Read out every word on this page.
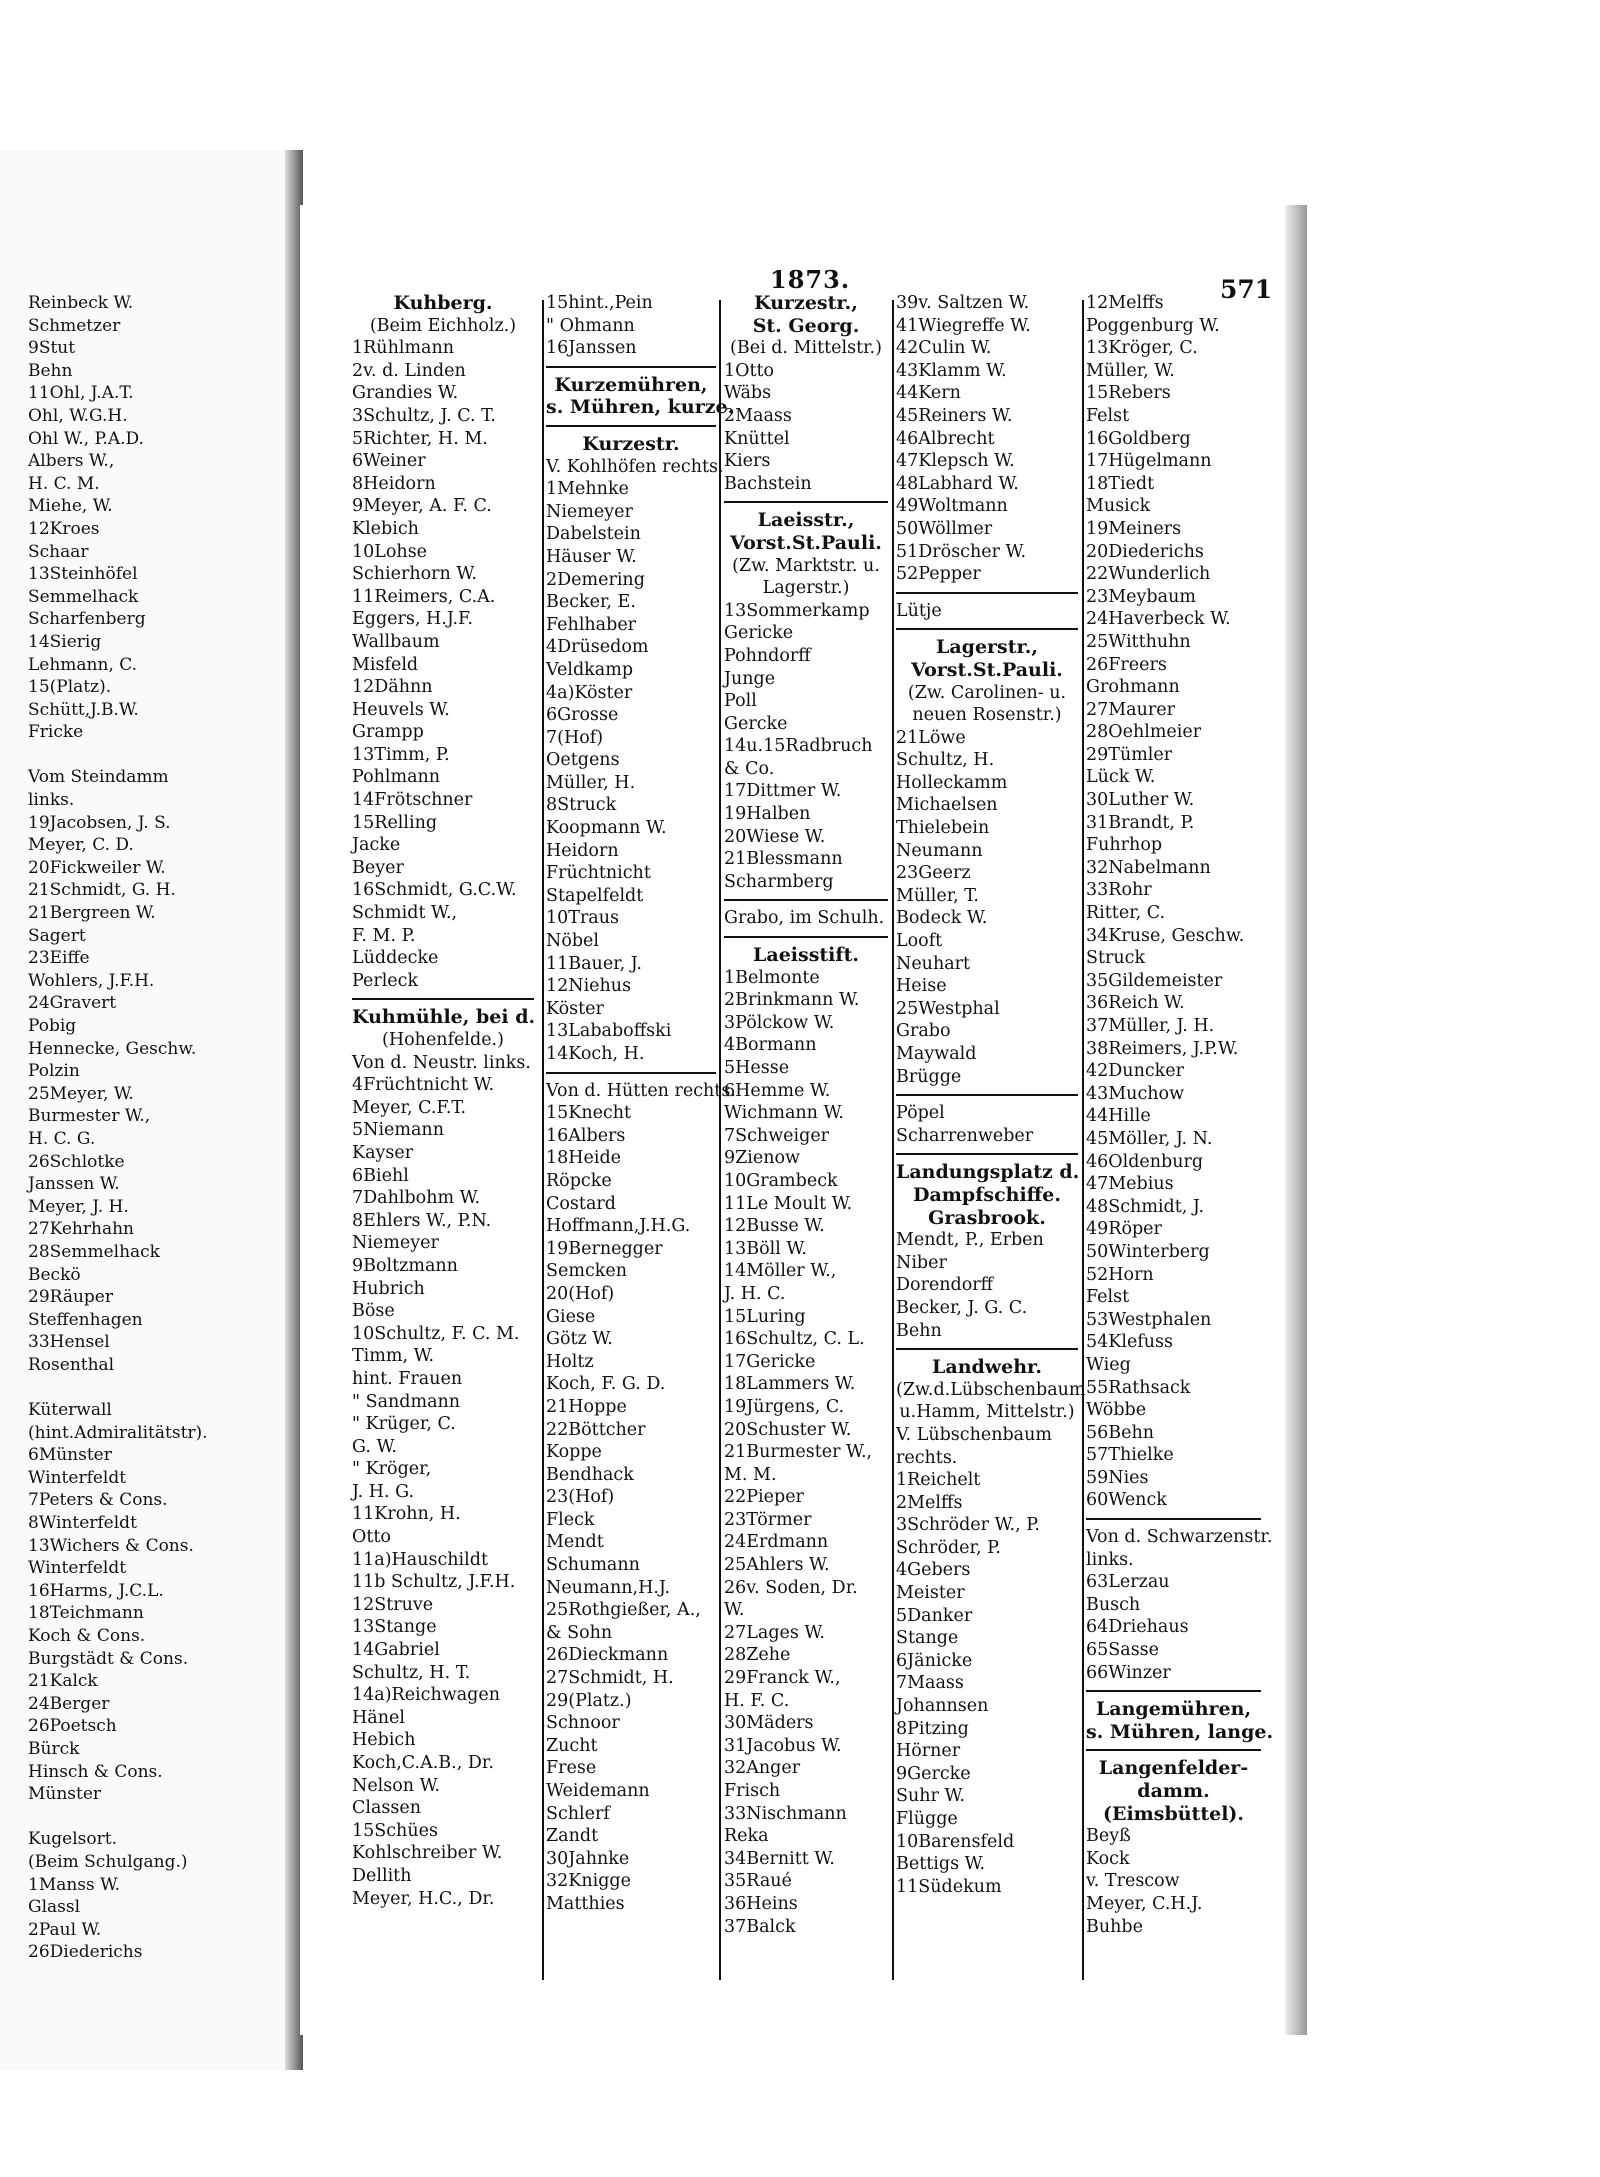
1873.	571
Reinbeck W.
Schmetzer
9Stut
Behn
11Ohl, J.A.T.
Ohl, W.G.H.
Ohl W., P.A.D.
Albers W.,
H. C. M.
Miehe, W.
12Kroes
Schaar
13Steinhöfel
Semmelhack
Scharfenberg
14Sierig
Lehmann, C.
15(Platz).
Schütt,J.B.W.
Fricke

Vom Steindamm
links.
19Jacobsen, J. S.
Meyer, C. D.
20Fickweiler W.
21Schmidt, G. H.
21Bergreen W.
Sagert
23Eiffe
Wohlers, J.F.H.
24Gravert
Pobig
Hennecke, Geschw.
Polzin
25Meyer, W.
Burmester W.,
H. C. G.
26Schlotke
Janssen W.
Meyer, J. H.
27Kehrhahn
28Semmelhack
Beckö
29Räuper
Steffenhagen
33Hensel
Rosenthal

Küterwall
(hint.Admiralitätstr).
6Münster
Winterfeldt
7Peters & Cons.
8Winterfeldt
13Wichers & Cons.
Winterfeldt
16Harms, J.C.L.
18Teichmann
Koch & Cons.
Burgstädt & Cons.
21Kalck
24Berger
26Poetsch
Bürck
Hinsch & Cons.
Münster

Kugelsort.
(Beim Schulgang.)
1Manss W.
Glassl
2Paul W.
26Diederichs
Kuhberg.
(Beim Eichholz.)
1Rühlmann
2v. d. Linden
Grandies W.
3Schultz, J. C. T.
5Richter, H. M.
6Weiner
8Heidorn
9Meyer, A. F. C.
Klebich
10Lohse
Schierhorn W.
11Reimers, C.A.
Eggers, H.J.F.
Wallbaum
Misfeld
12Dähnn
Heuvels W.
Grampp
13Timm, P.
Pohlmann
14Frötschner
15Relling
Jacke
Beyer
16Schmidt, G.C.W.
Schmidt W.,
F. M. P.
Lüddecke
Perleck
Kuhmühle, bei d.
(Hohenfelde.)
Von d. Neustr. links.
4Früchtnicht W.
Meyer, C.F.T.
5Niemann
Kayser
6Biehl
7Dahlbohm W.
8Ehlers W., P.N.
Niemeyer
9Boltzmann
Hubrich
Böse
10Schultz, F. C. M.
Timm, W.
hint. Frauen
" Sandmann
" Krüger, C.
G. W.
" Kröger,
J. H. G.
11Krohn, H.
Otto
11a)Hauschildt
11b Schultz, J.F.H.
12Struve
13Stange
14Gabriel
Schultz, H. T.
14a)Reichwagen
Hänel
Hebich
Koch,C.A.B., Dr.
Nelson W.
Classen
15Schües
Kohlschreiber W.
Dellith
Meyer, H.C., Dr.
15hint.,Pein
" Ohmann
16Janssen
Kurzemühren,
s. Mühren, kurze.
Kurzestr.
V. Kohlhöfen rechts.
1Mehnke
Niemeyer
Dabelstein
Häuser W.
2Demering
Becker, E.
Fehlhaber
4Drüsedom
Veldkamp
4a)Köster
6Grosse
7(Hof)
Oetgens
Müller, H.
8Struck
Koopmann W.
Heidorn
Früchtnicht
Stapelfeldt
10Traus
Nöbel
11Bauer, J.
12Niehus
Köster
13Lababoffski
14Koch, H.
Von d. Hütten rechts.
15Knecht
16Albers
18Heide
Röpcke
Costard
Hoffmann,J.H.G.
19Bernegger
Semcken
20(Hof)
Giese
Götz W.
Holtz
Koch, F. G. D.
21Hoppe
22Böttcher
Koppe
Bendhack
23(Hof)
Fleck
Mendt
Schumann
Neumann,H.J.
25Rothgießer, A.,
& Sohn
26Dieckmann
27Schmidt, H.
29(Platz.)
Schnoor
Zucht
Frese
Weidemann
Schlerf
Zandt
30Jahnke
32Knigge
Matthies
Kurzestr.,
St. Georg.
(Bei d. Mittelstr.)
1Otto
Wäbs
2Maass
Knüttel
Kiers
Bachstein
Laeisstr.,
Vorst.St.Pauli.
(Zw. Marktstr. u.
Lagerstr.)
13Sommerkamp
Gericke
Pohndorff
Junge
Poll
Gercke
14u.15Radbruch
& Co.
17Dittmer W.
19Halben
20Wiese W.
21Blessmann
Scharmberg
Grabo, im Schulh.
Laeisstift.
1Belmonte
2Brinkmann W.
3Pölckow W.
4Bormann
5Hesse
6Hemme W.
Wichmann W.
7Schweiger
9Zienow
10Grambeck
11Le Moult W.
12Busse W.
13Böll W.
14Möller W.,
J. H. C.
15Luring
16Schultz, C. L.
17Gericke
18Lammers W.
19Jürgens, C.
20Schuster W.
21Burmester W.,
M. M.
22Pieper
23Törmer
24Erdmann
25Ahlers W.
26v. Soden, Dr.
W.
27Lages W.
28Zehe
29Franck W.,
H. F. C.
30Mäders
31Jacobus W.
32Anger
Frisch
33Nischmann
Reka
34Bernitt W.
35Raué
36Heins
37Balck
39v. Saltzen W.
41Wiegreffe W.
42Culin W.
43Klamm W.
44Kern
45Reiners W.
46Albrecht
47Klepsch W.
48Labhard W.
49Woltmann
50Wöllmer
51Dröscher W.
52Pepper
Lütje
Lagerstr.,
Vorst.St.Pauli.
(Zw. Carolinen- u.
neuen Rosenstr.)
21Löwe
Schultz, H.
Holleckamm
Michaelsen
Thielebein
Neumann
23Geerz
Müller, T.
Bodeck W.
Looft
Neuhart
Heise
25Westphal
Grabo
Maywald
Brügge
Pöpel
Scharrenweber
Landungsplatz d.
Dampfschiffe.
Grasbrook.
Mendt, P., Erben
Niber
Dorendorff
Becker, J. G. C.
Behn
Landwehr.
(Zw.d.Lübschenbaum
u.Hamm, Mittelstr.)
V. Lübschenbaum
rechts.
1Reichelt
2Melffs
3Schröder W., P.
Schröder, P.
4Gebers
Meister
5Danker
Stange
6Jänicke
7Maass
Johannsen
8Pitzing
Hörner
9Gercke
Suhr W.
Flügge
10Barensfeld
Bettigs W.
11Südekum
12Melffs
Poggenburg W.
13Kröger, C.
Müller, W.
15Rebers
Felst
16Goldberg
17Hügelmann
18Tiedt
Musick
19Meiners
20Diederichs
22Wunderlich
23Meybaum
24Haverbeck W.
25Witthuhn
26Freers
Grohmann
27Maurer
28Oehlmeier
29Tümler
Lück W.
30Luther W.
31Brandt, P.
Fuhrhop
32Nabelmann
33Rohr
Ritter, C.
34Kruse, Geschw.
Struck
35Gildemeister
36Reich W.
37Müller, J. H.
38Reimers, J.P.W.
42Duncker
43Muchow
44Hille
45Möller, J. N.
46Oldenburg
47Mebius
48Schmidt, J.
49Röper
50Winterberg
52Horn
Felst
53Westphalen
54Klefuss
Wieg
55Rathsack
Wöbbe
56Behn
57Thielke
59Nies
60Wenck
Von d. Schwarzenstr.
links.
63Lerzau
Busch
64Driehaus
65Sasse
66Winzer
Langemühren,
s. Mühren, lange.
Langenfelder-
damm.
(Eimsbüttel).
Beyß
Kock
v. Trescow
Meyer, C.H.J.
Buhbe
